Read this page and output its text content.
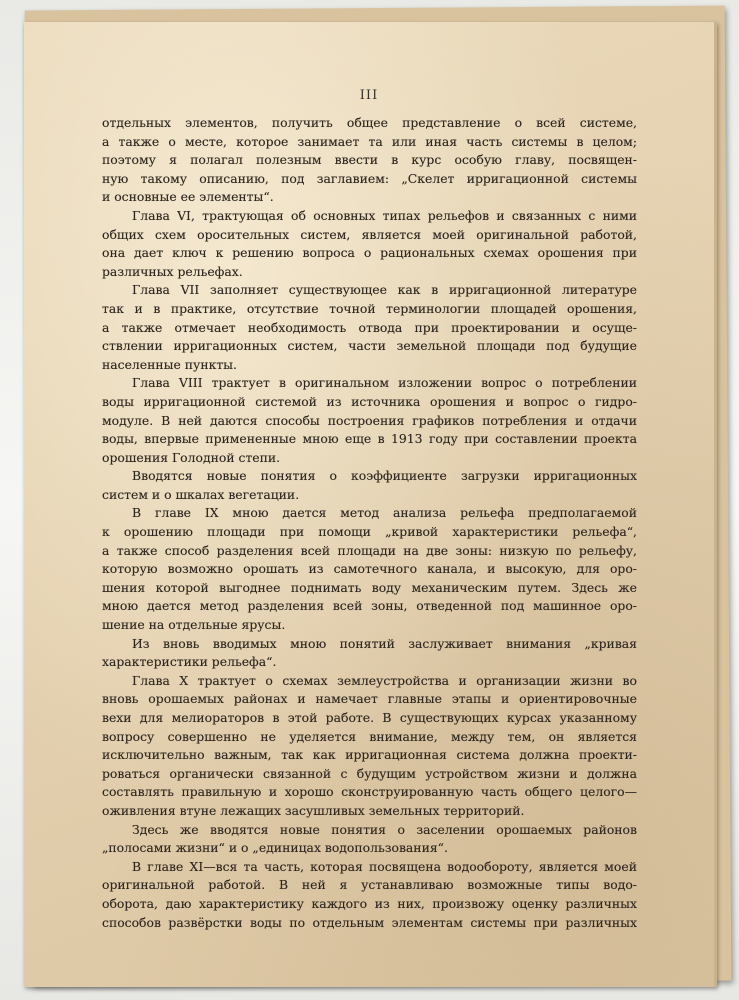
III
отдельных элементов, получить общее представление о всей системе,
а также о месте, которое занимает та или иная часть системы в целом;
поэтому я полагал полезным ввести в курс особую главу, посвящен-
ную такому описанию, под заглавием: „Скелет ирригационной системы
и основные ее элементы“.
Глава VI, трактующая об основных типах рельефов и связанных с ними
общих схем оросительных систем, является моей оригинальной работой,
она дает ключ к решению вопроса о рациональных схемах орошения при
различных рельефах.
Глава VII заполняет существующее как в ирригационной литературе
так и в практике, отсутствие точной терминологии площадей орошения,
а также отмечает необходимость отвода при проектировании и осуще-
ствлении ирригационных систем, части земельной площади под будущие
населенные пункты.
Глава VIII трактует в оригинальном изложении вопрос о потреблении
воды ирригационной системой из источника орошения и вопрос о гидро-
модуле. В ней даются способы построения графиков потребления и отдачи
воды, впервые примененные мною еще в 1913 году при составлении проекта
орошения Голодной степи.
Вводятся новые понятия о коэффициенте загрузки ирригационных
систем и о шкалах вегетации.
В главе IX мною дается метод анализа рельефа предполагаемой
к орошению площади при помощи „кривой характеристики рельефа“,
а также способ разделения всей площади на две зоны: низкую по рельефу,
которую возможно орошать из самотечного канала, и высокую, для оро-
шения которой выгоднее поднимать воду механическим путем. Здесь же
мною дается метод разделения всей зоны, отведенной под машинное оро-
шение на отдельные ярусы.
Из вновь вводимых мною понятий заслуживает внимания „кривая
характеристики рельефа“.
Глава X трактует о схемах землеустройства и организации жизни во
вновь орошаемых районах и намечает главные этапы и ориентировочные
вехи для мелиораторов в этой работе. В существующих курсах указанному
вопросу совершенно не уделяется внимание, между тем, он является
исключительно важным, так как ирригационная система должна проекти-
роваться органически связанной с будущим устройством жизни и должна
составлять правильную и хорошо сконструированную часть общего целого—
оживления втуне лежащих засушливых земельных территорий.
Здесь же вводятся новые понятия о заселении орошаемых районов
„полосами жизни“ и о „единицах водопользования“.
В главе XI—вся та часть, которая посвящена водообороту, является моей
оригинальной работой. В ней я устанавливаю возможные типы водо-
оборота, даю характеристику каждого из них, произвожу оценку различных
способов развёрстки воды по отдельным элементам системы при различных
